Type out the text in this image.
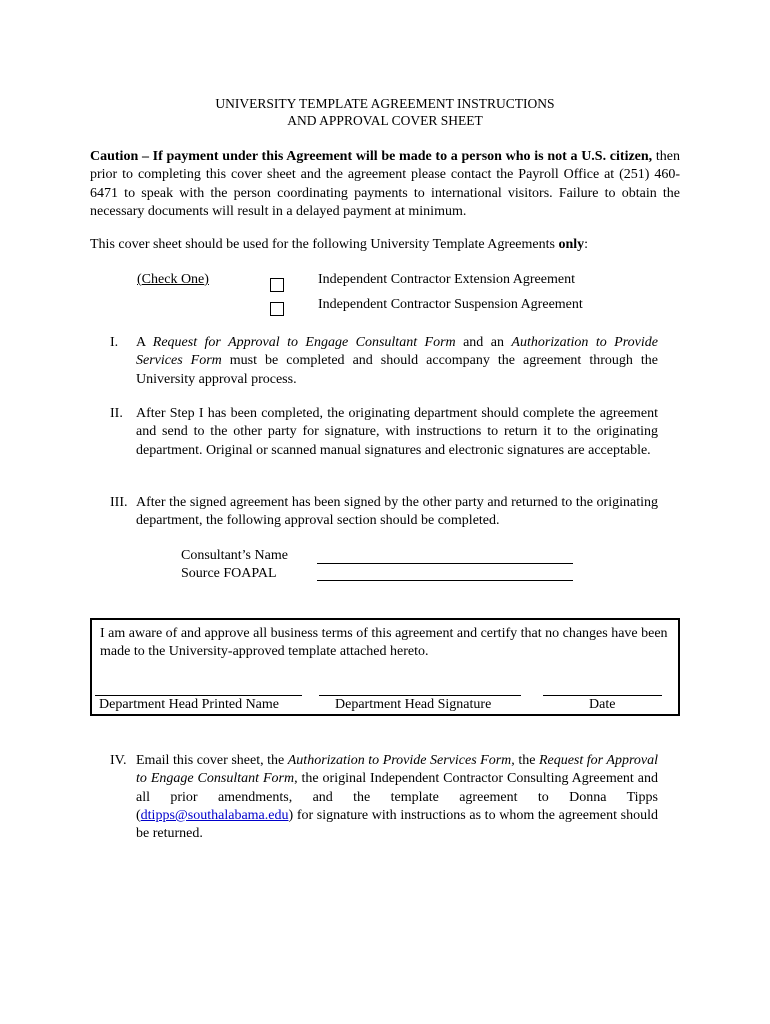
UNIVERSITY TEMPLATE AGREEMENT INSTRUCTIONS
AND APPROVAL COVER SHEET
Caution – If payment under this Agreement will be made to a person who is not a U.S. citizen, then prior to completing this cover sheet and the agreement please contact the Payroll Office at (251) 460-6471 to speak with the person coordinating payments to international visitors. Failure to obtain the necessary documents will result in a delayed payment at minimum.
This cover sheet should be used for the following University Template Agreements only:
(Check One)	Independent Contractor Extension Agreement
Independent Contractor Suspension Agreement
I. A Request for Approval to Engage Consultant Form and an Authorization to Provide Services Form must be completed and should accompany the agreement through the University approval process.
II. After Step I has been completed, the originating department should complete the agreement and send to the other party for signature, with instructions to return it to the originating department. Original or scanned manual signatures and electronic signatures are acceptable.
III. After the signed agreement has been signed by the other party and returned to the originating department, the following approval section should be completed.
Consultant’s Name
Source FOAPAL
I am aware of and approve all business terms of this agreement and certify that no changes have been made to the University-approved template attached hereto.
Department Head Printed Name	Department Head Signature	Date
IV. Email this cover sheet, the Authorization to Provide Services Form, the Request for Approval to Engage Consultant Form, the original Independent Contractor Consulting Agreement and all prior amendments, and the template agreement to Donna Tipps (dtipps@southalabama.edu) for signature with instructions as to whom the agreement should be returned.
